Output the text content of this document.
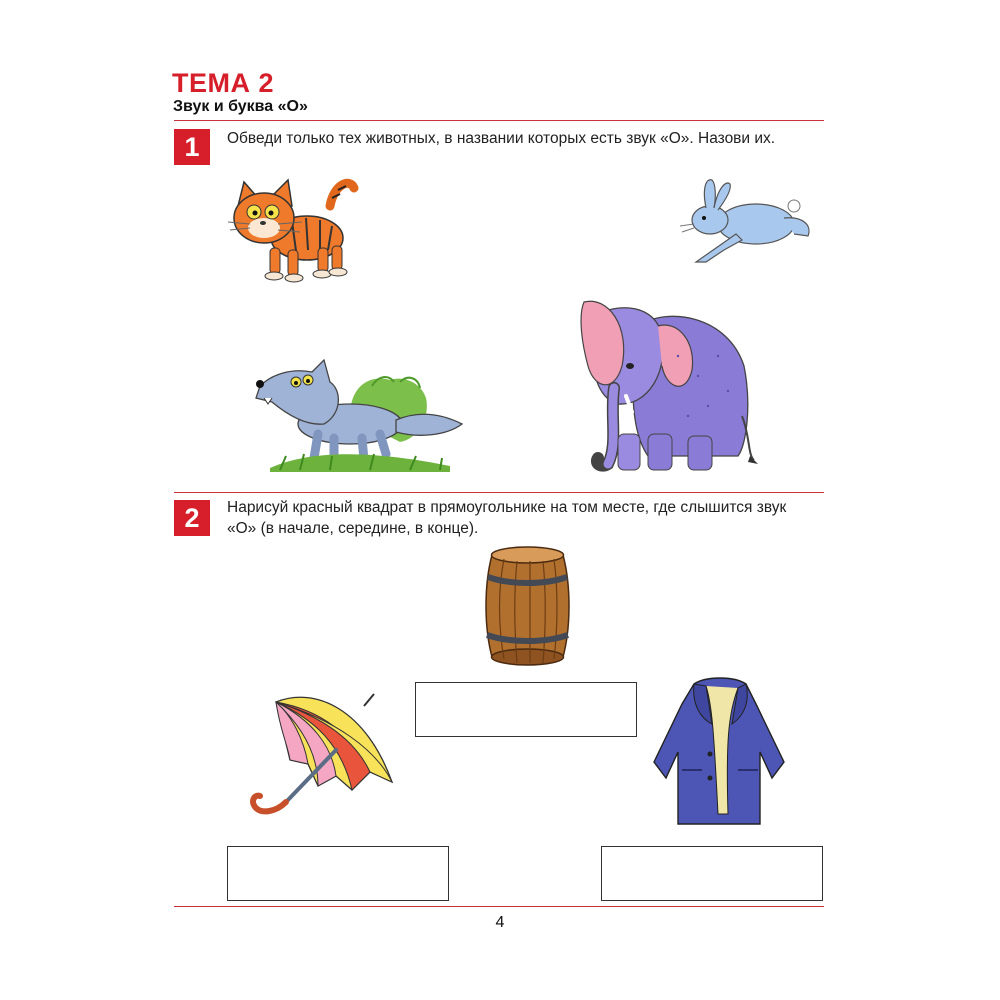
ТЕМА 2
Звук и буква «О»
1	Обведи только тех животных, в названии которых есть звук «О». Назови их.
2	Нарисуй красный квадрат в прямоугольнике на том месте, где слышится звук
«О» (в начале, середине, в конце).
4
